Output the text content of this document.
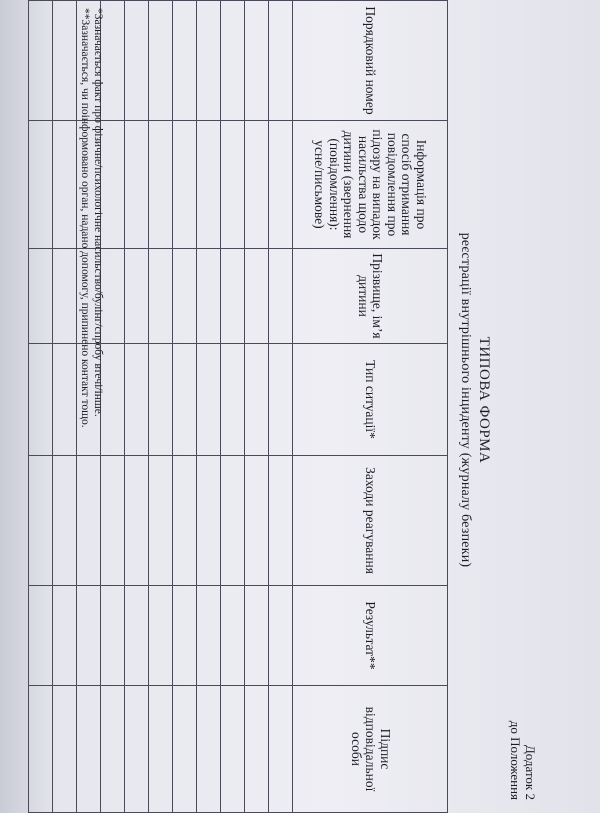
Додаток 2
до Положення
ТИПОВА ФОРМА
реєстрації внутрішнього інциденту (журналу безпеки)
Порядковий номер	Інформація про спосіб отримання повідомлення про підозру на випадок насильства щодо дитини (звернення (повідомлення): усне/письмове)	Прізвище, ім’я дитини	Тип ситуації*	Заходи реагування	Результат**	Підпис відповідальної особи

*Зазначається факт про фізичне/психологічне насильство/булінг/спробу втечі/інше.
**Зазначається, чи поінформовано орган, надано допомогу, припинено контакт тощо.
